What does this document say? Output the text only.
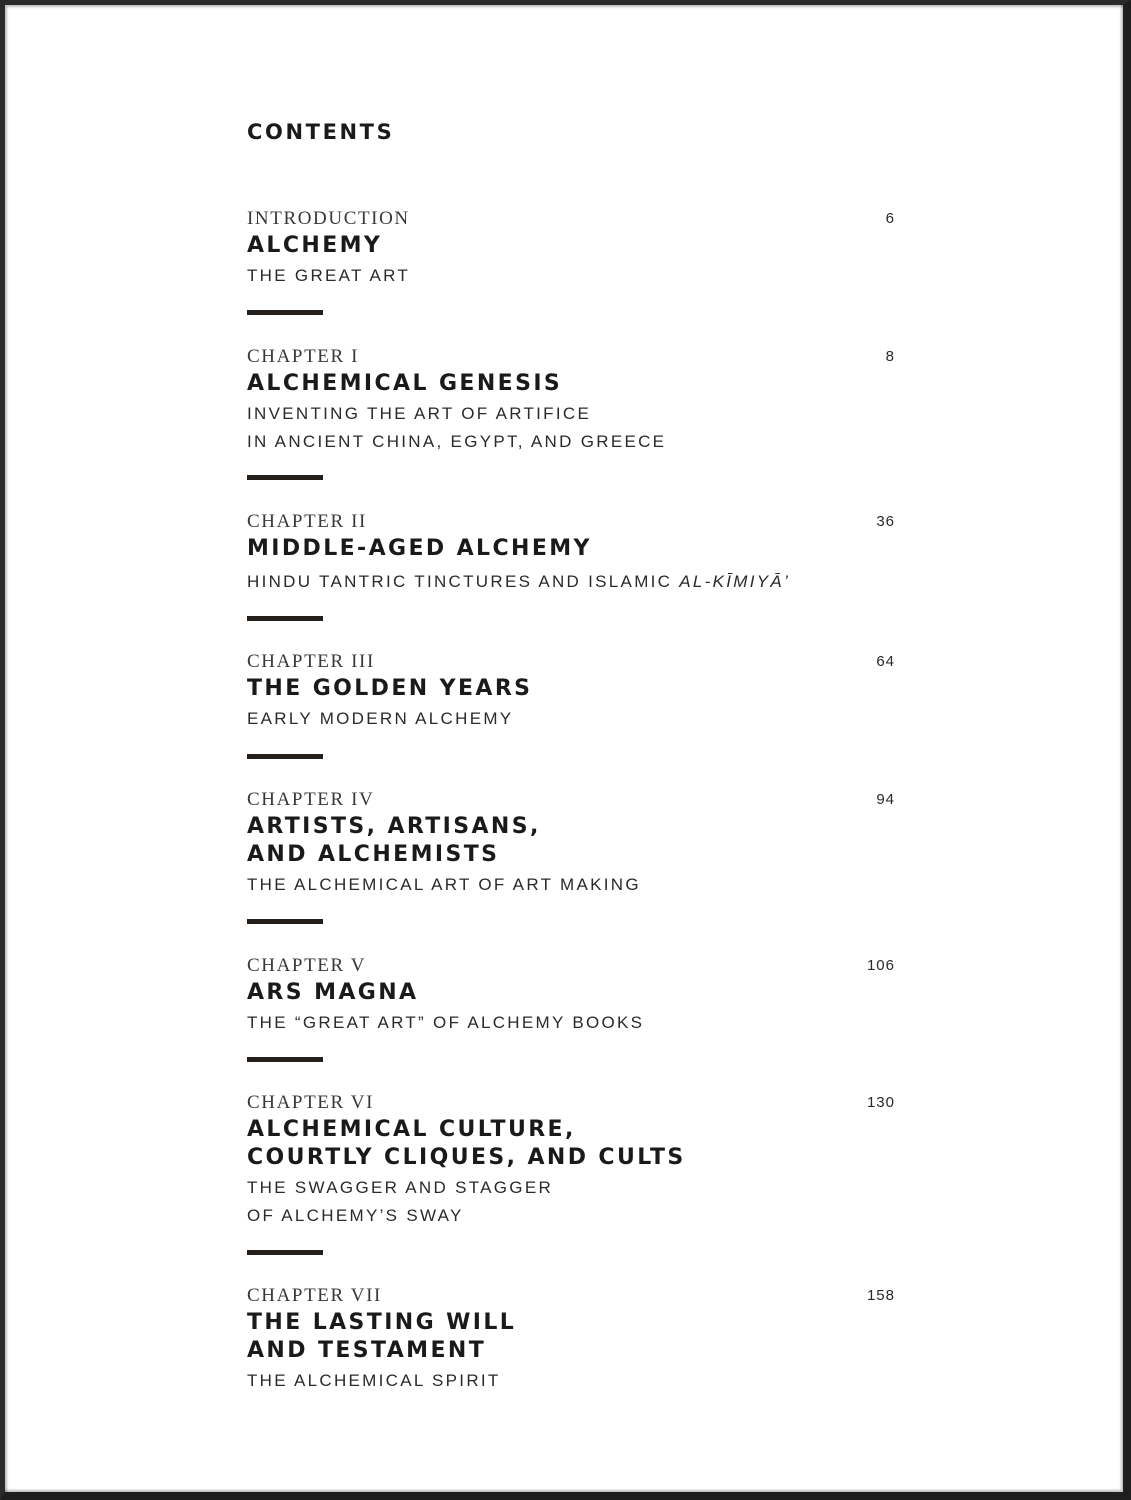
CONTENTS
INTRODUCTION	6
ALCHEMY
THE GREAT ART
CHAPTER I	8
ALCHEMICAL GENESIS
INVENTING THE ART OF ARTIFICE
IN ANCIENT CHINA, EGYPT, AND GREECE
CHAPTER II	36
MIDDLE-AGED ALCHEMY
HINDU TANTRIC TINCTURES AND ISLAMIC AL-KĪMIYĀ’
CHAPTER III	64
THE GOLDEN YEARS
EARLY MODERN ALCHEMY
CHAPTER IV	94
ARTISTS, ARTISANS,
AND ALCHEMISTS
THE ALCHEMICAL ART OF ART MAKING
CHAPTER V	106
ARS MAGNA
THE “GREAT ART” OF ALCHEMY BOOKS
CHAPTER VI	130
ALCHEMICAL CULTURE,
COURTLY CLIQUES, AND CULTS
THE SWAGGER AND STAGGER
OF ALCHEMY’S SWAY
CHAPTER VII	158
THE LASTING WILL
AND TESTAMENT
THE ALCHEMICAL SPIRIT
